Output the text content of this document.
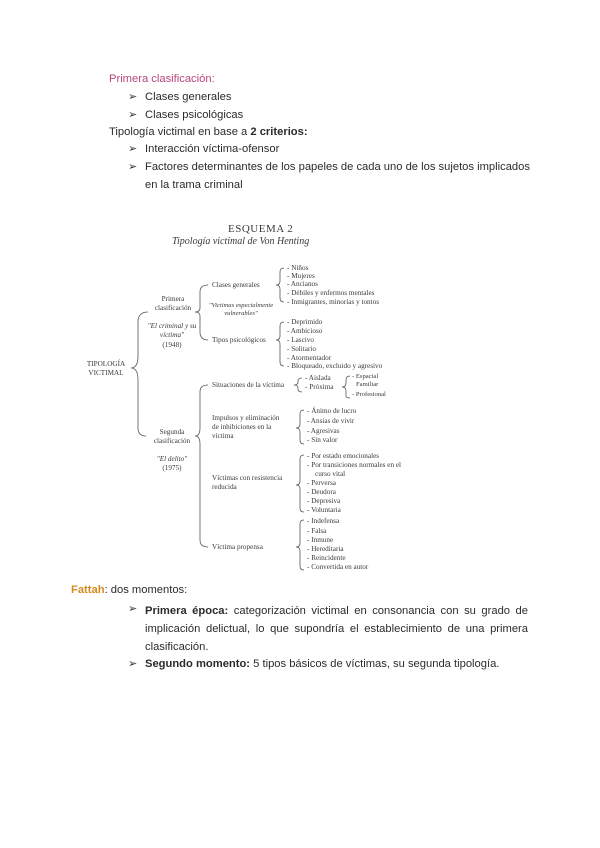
Primera clasificación:
➢ Clases generales
➢ Clases psicológicas
Tipología victimal en base a 2 criterios:
➢ Interacción víctima-ofensor
➢ Factores determinantes de los papeles de cada uno de los sujetos implicados
en la trama criminal
ESQUEMA 2
Tipología victimal de Von Henting
TIPOLOGÍA VICTIMAL
Primera clasificación
"El criminal y su víctima"
(1948)
Clases generales
"Victimas especialmente vulnerables"
- Niños
- Mujeres
- Ancianos
- Débiles y enfermos mentales
- Inmigrantes, minorías y tontos
Tipos psicológicos
- Deprimido
- Ambicioso
- Lascivo
- Solitario
- Atormentador
- Bloqueado, excluido y agresivo
Segunda clasificación
"El delito"
(1975)
Situaciones de la víctima
- Aislada
- Próxima
- Espacial
Familiar
- Profesional
Impulsos y eliminación
de inhibiciones en la
víctima
- Ánimo de lucro
- Ansias de vivir
- Agresivas
- Sin valor
Víctimas con resistencia
reducida
- Por estado emocionales
- Por transiciones normales en el
curso vital
- Perversa
- Deudora
- Depresiva
- Voluntaria
Víctima propensa
- Indefensa
- Falsa
- Inmune
- Hereditaria
- Reincidente
- Convertida en autor
Fattah: dos momentos:
➢ Primera época: categorización victimal en consonancia con su grado de implicación delictual, lo que supondría el establecimiento de una primera clasificación.
➢ Segundo momento: 5 tipos básicos de víctimas, su segunda tipología.
